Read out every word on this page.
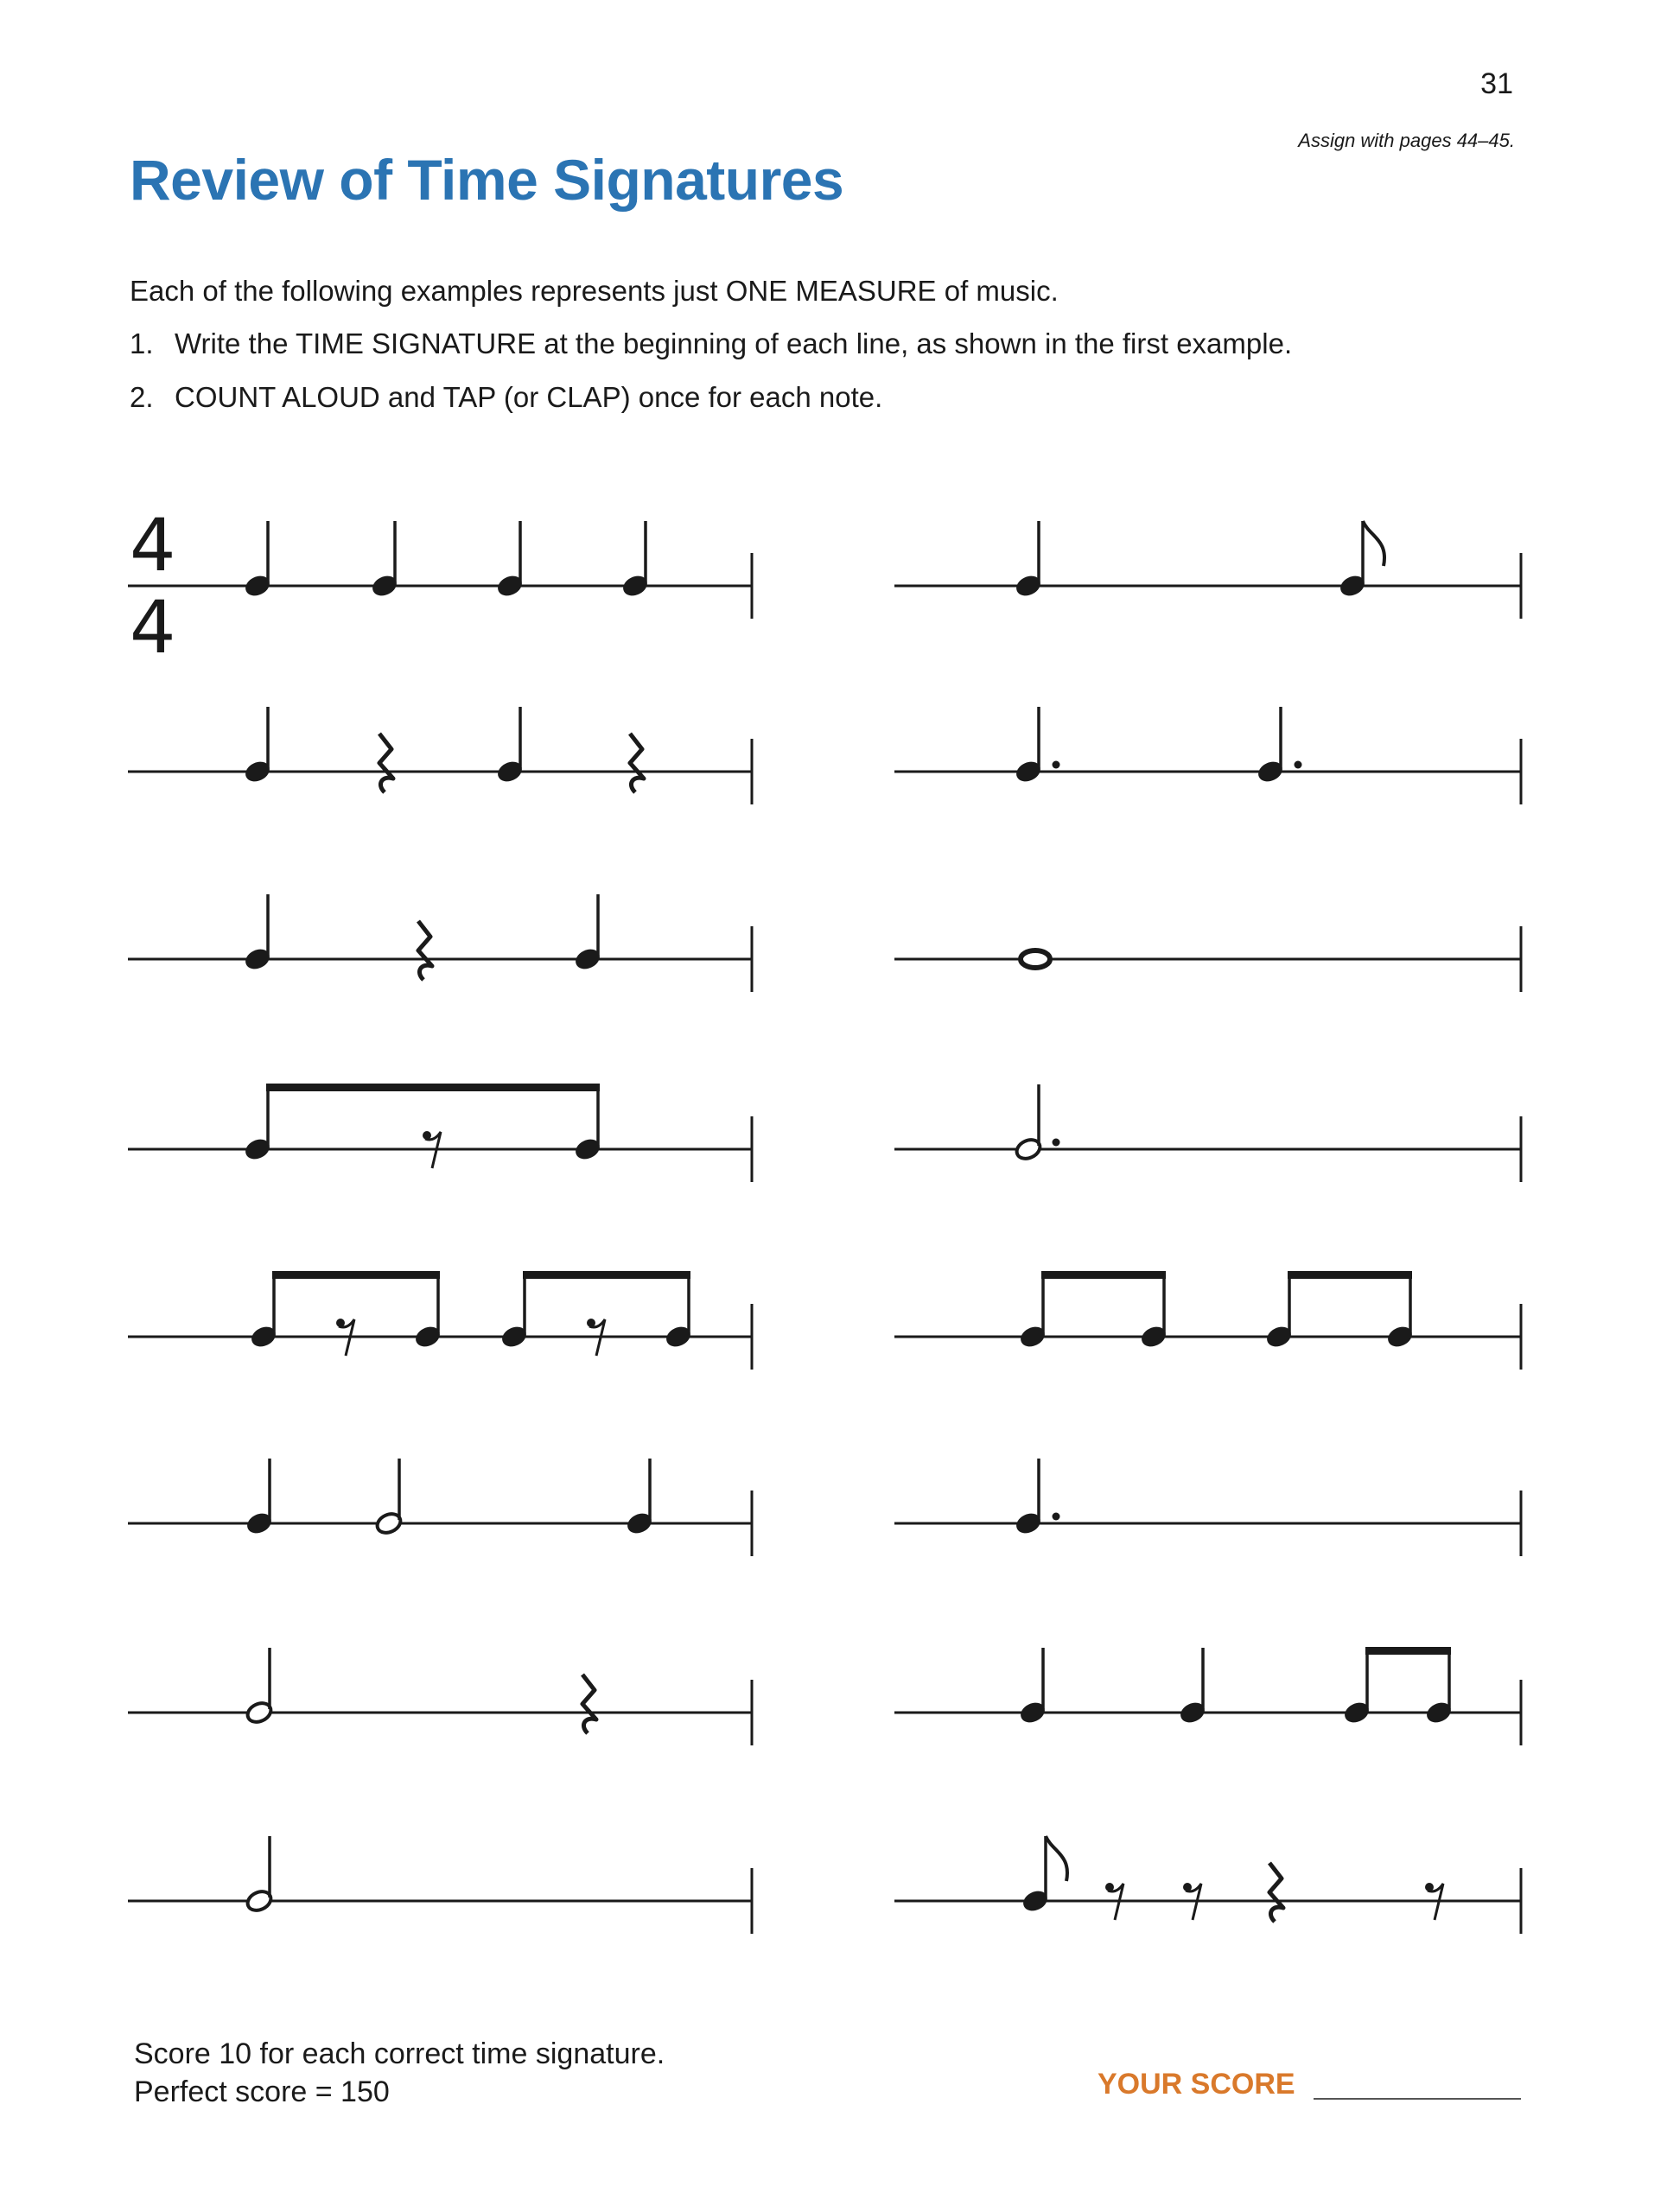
31
Assign with pages 44–45.
Review of Time Signatures

Each of the following examples represents just ONE MEASURE of music.

1. Write the TIME SIGNATURE at the beginning of each line, as shown in the first example.
2. COUNT ALOUD and TAP (or CLAP) once for each note.
4
4
Score 10 for each correct time signature.
Perfect score = 150	YOUR SCORE
